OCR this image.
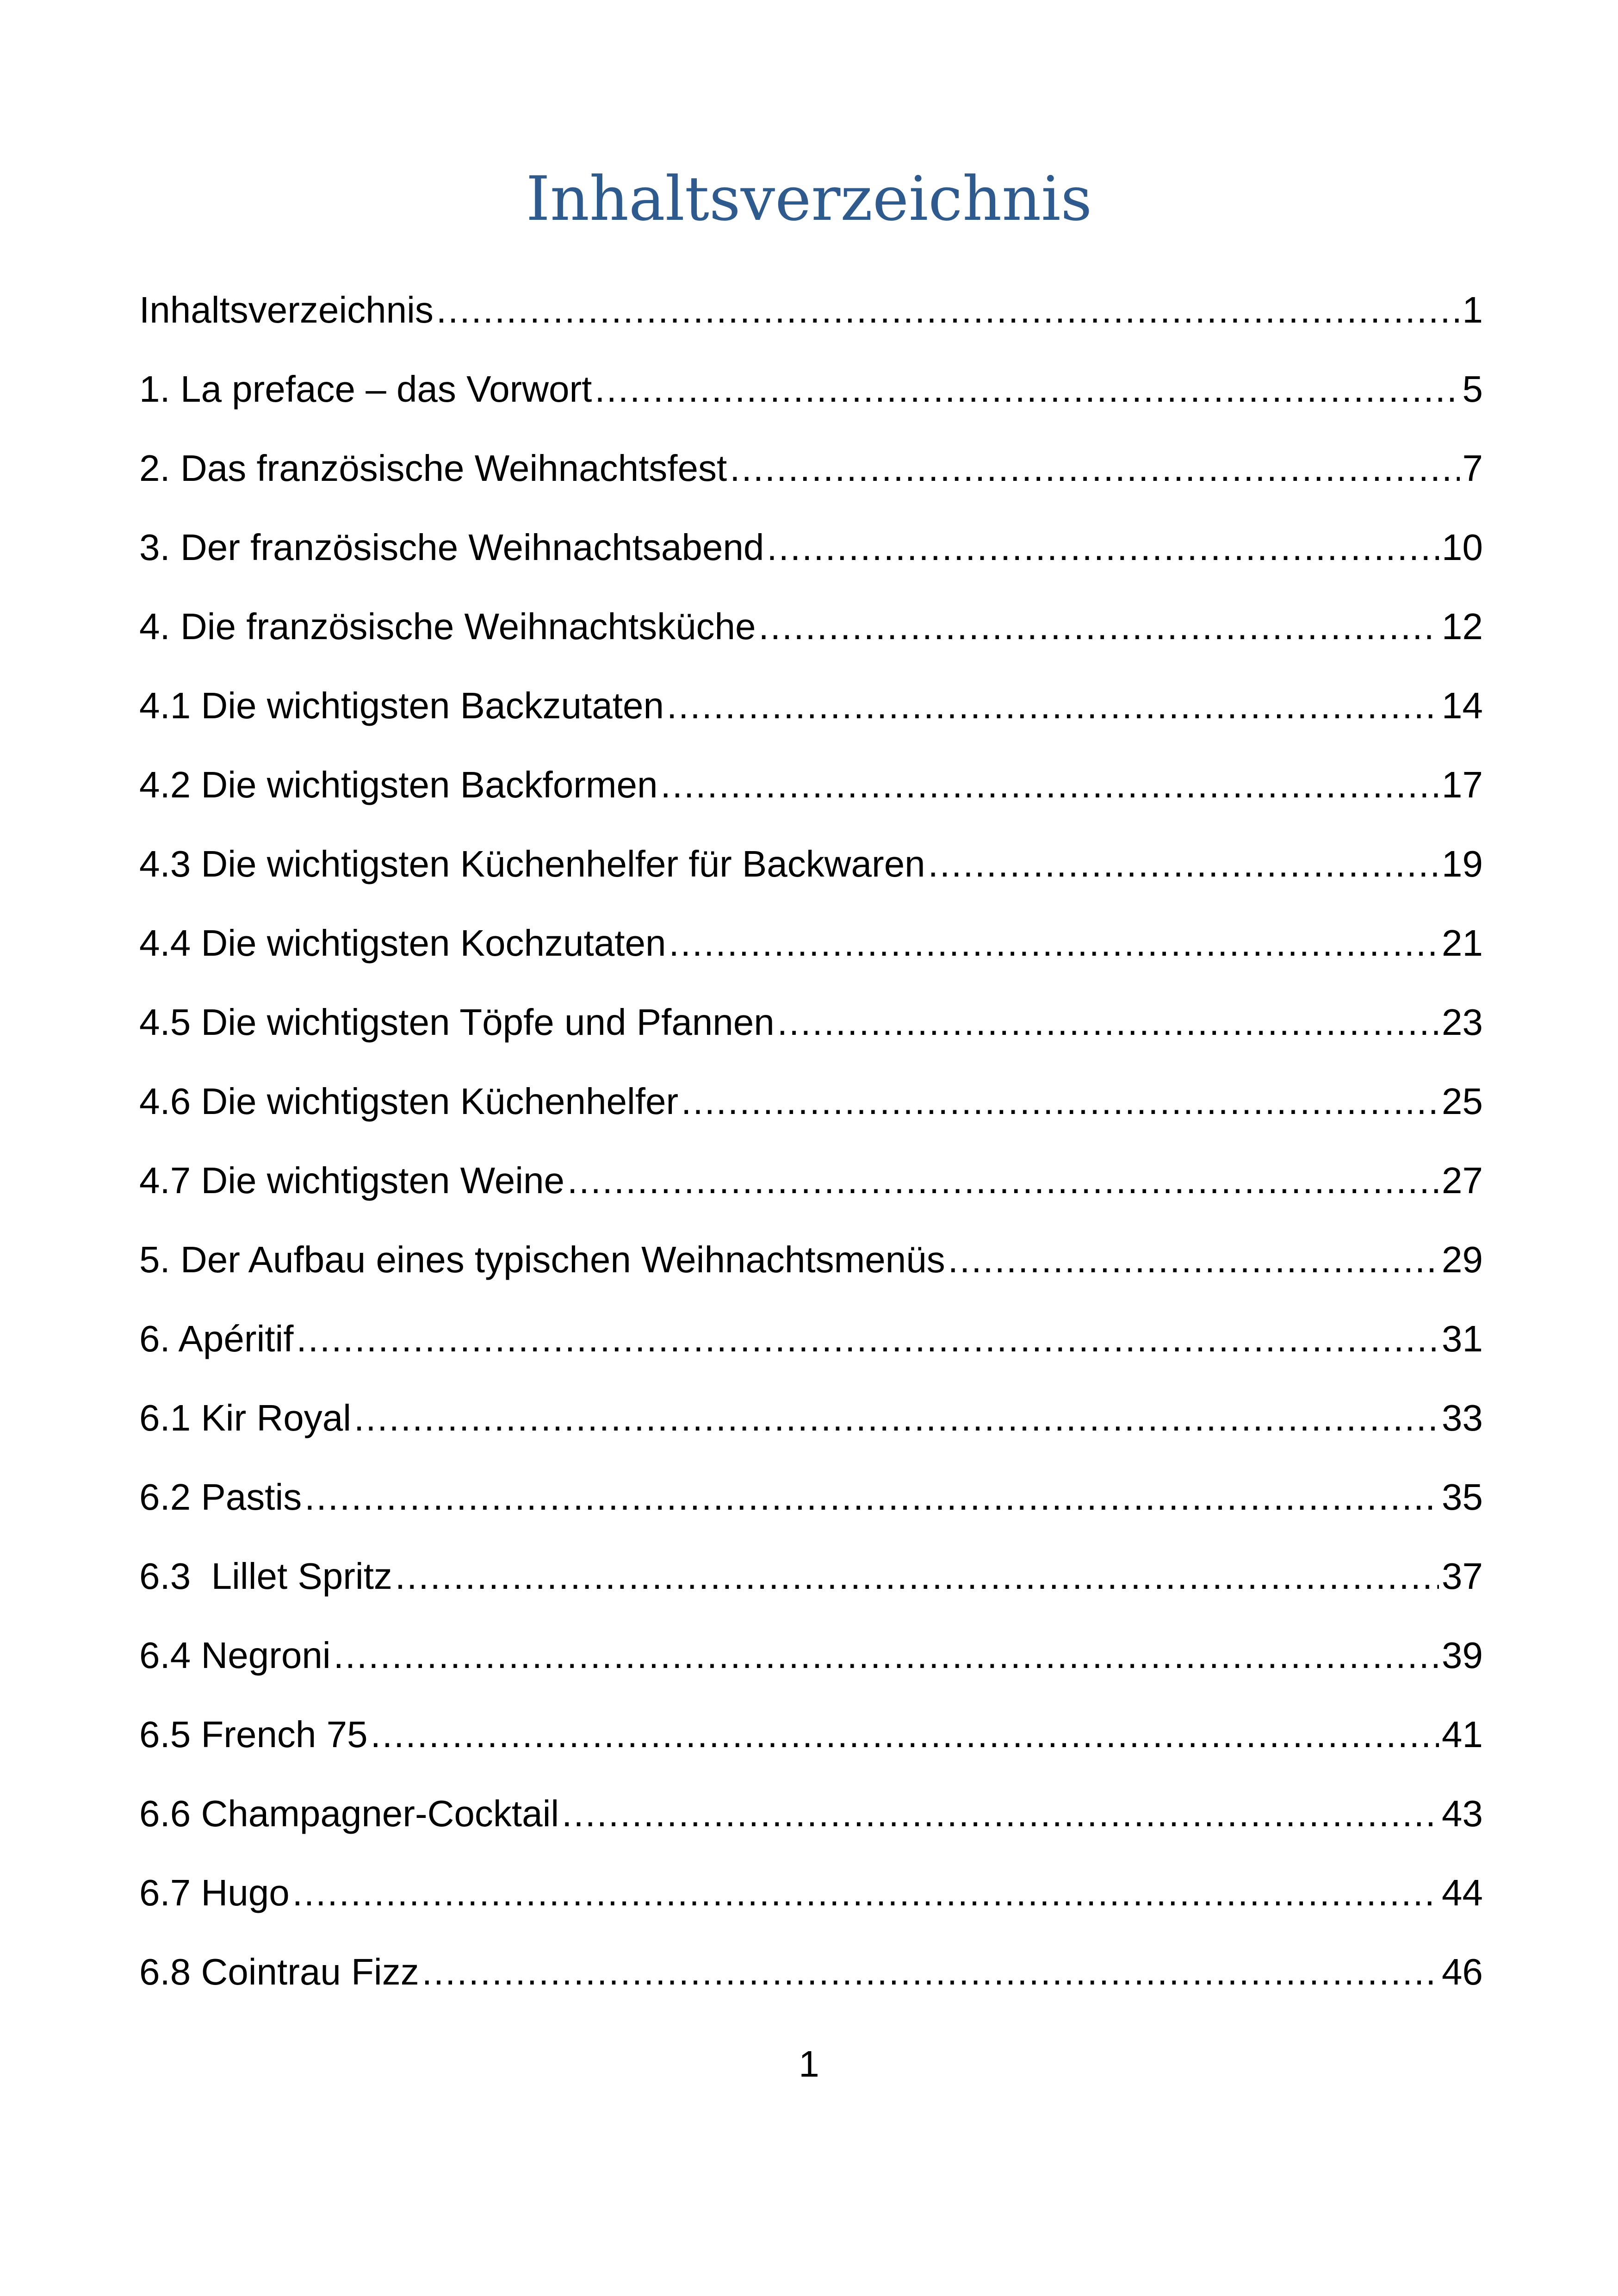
Inhaltsverzeichnis
Inhaltsverzeichnis .....	1
1. La preface – das Vorwort .....	5
2. Das französische Weihnachtsfest .....	7
3. Der französische Weihnachtsabend .....	10
4. Die französische Weihnachtsküche .....	12
4.1 Die wichtigsten Backzutaten .....	14
4.2 Die wichtigsten Backformen .....	17
4.3 Die wichtigsten Küchenhelfer für Backwaren .....	19
4.4 Die wichtigsten Kochzutaten .....	21
4.5 Die wichtigsten Töpfe und Pfannen .....	23
4.6 Die wichtigsten Küchenhelfer .....	25
4.7 Die wichtigsten Weine .....	27
5. Der Aufbau eines typischen Weihnachtsmenüs .....	29
6. Apéritif .....	31
6.1 Kir Royal .....	33
6.2 Pastis .....	35
6.3  Lillet Spritz .....	37
6.4 Negroni .....	39
6.5 French 75 .....	41
6.6 Champagner-Cocktail .....	43
6.7 Hugo .....	44
6.8 Cointrau Fizz .....	46
1
